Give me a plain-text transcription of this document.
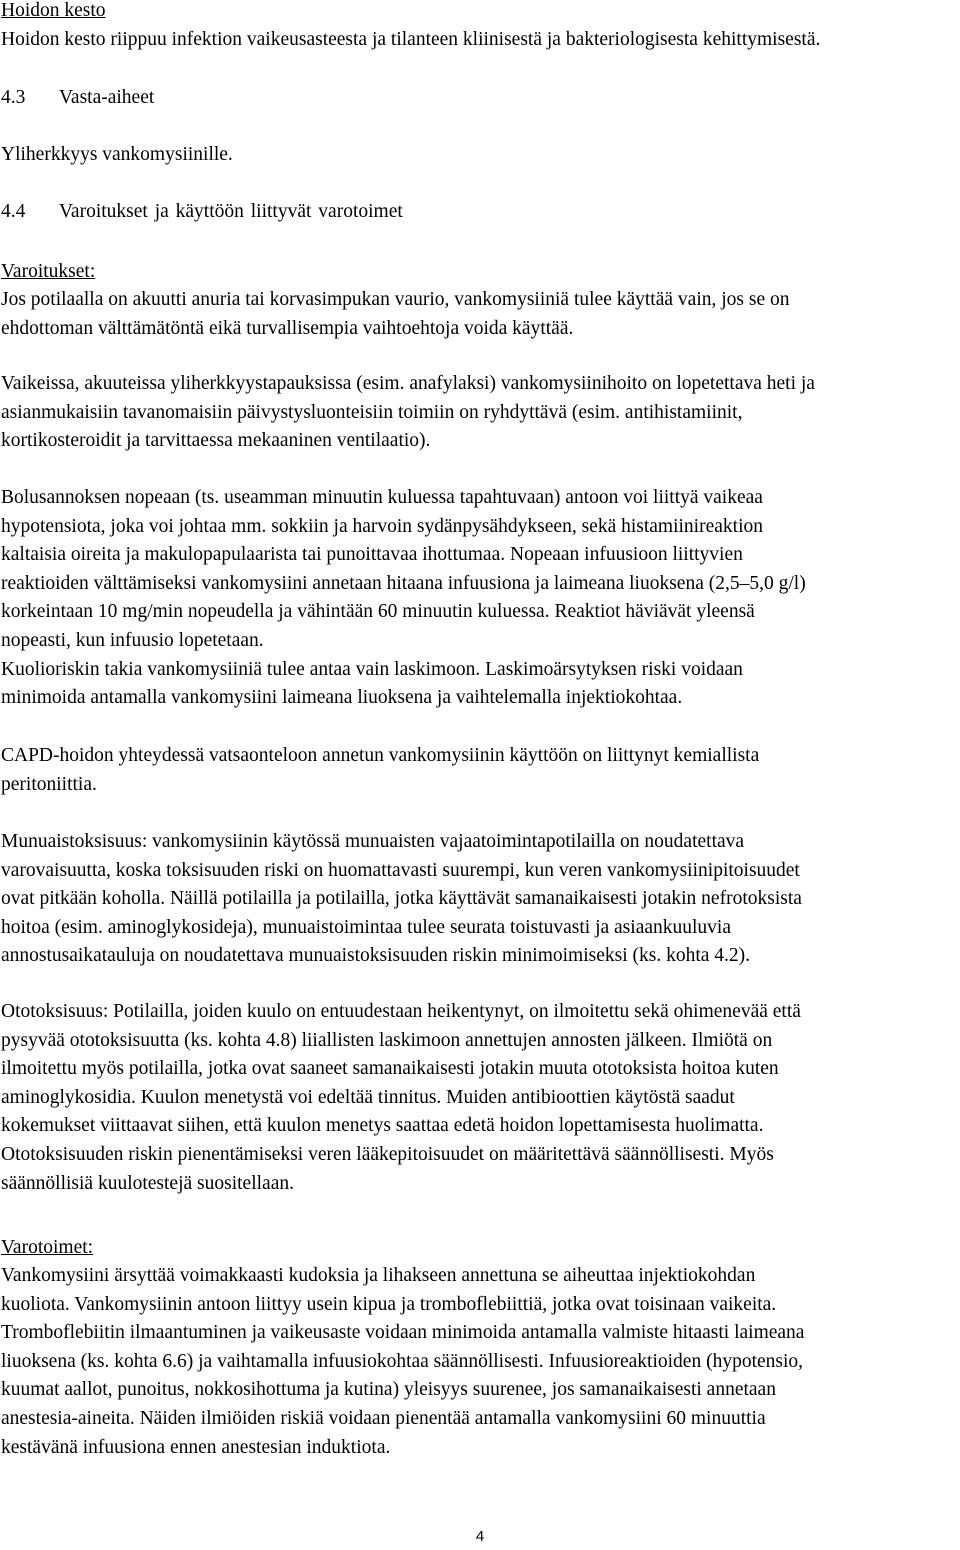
Hoidon kesto
Hoidon kesto riippuu infektion vaikeusasteesta ja tilanteen kliinisestä ja bakteriologisesta kehittymisestä.
4.3 Vasta-aiheet
Yliherkkyys vankomysiinille.
4.4 Varoitukset ja käyttöön liittyvät varotoimet
Varoitukset:
Jos potilaalla on akuutti anuria tai korvasimpukan vaurio, vankomysiiniä tulee käyttää vain, jos se on
ehdottoman välttämätöntä eikä turvallisempia vaihtoehtoja voida käyttää.
Vaikeissa, akuuteissa yliherkkyystapauksissa (esim. anafylaksi) vankomysiinihoito on lopetettava heti ja
asianmukaisiin tavanomaisiin päivystysluonteisiin toimiin on ryhdyttävä (esim. antihistamiinit,
kortikosteroidit ja tarvittaessa mekaaninen ventilaatio).
Bolusannoksen nopeaan (ts. useamman minuutin kuluessa tapahtuvaan) antoon voi liittyä vaikeaa
hypotensiota, joka voi johtaa mm. sokkiin ja harvoin sydänpysähdykseen, sekä histamiinireaktion
kaltaisia oireita ja makulopapulaarista tai punoittavaa ihottumaa. Nopeaan infuusioon liittyvien
reaktioiden välttämiseksi vankomysiini annetaan hitaana infuusiona ja laimeana liuoksena (2,5–5,0 g/l)
korkeintaan 10 mg/min nopeudella ja vähintään 60 minuutin kuluessa. Reaktiot häviävät yleensä
nopeasti, kun infuusio lopetetaan.
Kuolioriskin takia vankomysiiniä tulee antaa vain laskimoon. Laskimoärsytyksen riski voidaan
minimoida antamalla vankomysiini laimeana liuoksena ja vaihtelemalla injektiokohtaa.
CAPD-hoidon yhteydessä vatsaonteloon annetun vankomysiinin käyttöön on liittynyt kemiallista
peritoniittia.
Munuaistoksisuus: vankomysiinin käytössä munuaisten vajaatoimintapotilailla on noudatettava
varovaisuutta, koska toksisuuden riski on huomattavasti suurempi, kun veren vankomysiinipitoisuudet
ovat pitkään koholla. Näillä potilailla ja potilailla, jotka käyttävät samanaikaisesti jotakin nefrotoksista
hoitoa (esim. aminoglykosideja), munuaistoimintaa tulee seurata toistuvasti ja asiaankuuluvia
annostusaikatauluja on noudatettava munuaistoksisuuden riskin minimoimiseksi (ks. kohta 4.2).
Ototoksisuus: Potilailla, joiden kuulo on entuudestaan heikentynyt, on ilmoitettu sekä ohimenevää että
pysyvää ototoksisuutta (ks. kohta 4.8) liiallisten laskimoon annettujen annosten jälkeen. Ilmiötä on
ilmoitettu myös potilailla, jotka ovat saaneet samanaikaisesti jotakin muuta ototoksista hoitoa kuten
aminoglykosidia. Kuulon menetystä voi edeltää tinnitus. Muiden antibioottien käytöstä saadut
kokemukset viittaavat siihen, että kuulon menetys saattaa edetä hoidon lopettamisesta huolimatta.
Ototoksisuuden riskin pienentämiseksi veren lääkepitoisuudet on määritettävä säännöllisesti. Myös
säännöllisiä kuulotestejä suositellaan.
Varotoimet:
Vankomysiini ärsyttää voimakkaasti kudoksia ja lihakseen annettuna se aiheuttaa injektiokohdan
kuoliota. Vankomysiinin antoon liittyy usein kipua ja tromboflebiittiä, jotka ovat toisinaan vaikeita.
Tromboflebiitin ilmaantuminen ja vaikeusaste voidaan minimoida antamalla valmiste hitaasti laimeana
liuoksena (ks. kohta 6.6) ja vaihtamalla infuusiokohtaa säännöllisesti. Infuusioreaktioiden (hypotensio,
kuumat aallot, punoitus, nokkosihottuma ja kutina) yleisyys suurenee, jos samanaikaisesti annetaan
anestesia-aineita. Näiden ilmiöiden riskiä voidaan pienentää antamalla vankomysiini 60 minuuttia
kestävänä infuusiona ennen anestesian induktiota.
4
